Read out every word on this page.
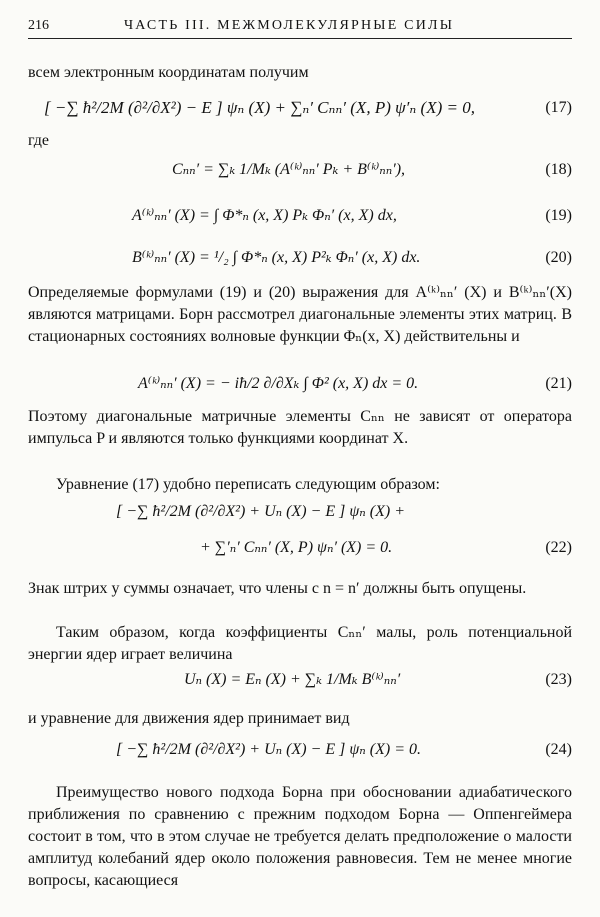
216	ЧАСТЬ III. МЕЖМОЛЕКУЛЯРНЫЕ СИЛЫ

всем электронным координатам получим

[ −∑ ħ²/2M (∂²/∂X²) − E ] ψₙ (X) + ∑ₙ′ Cₙₙ′ (X, P) ψ′ₙ (X) = 0,	(17)

где

Cₙₙ′ = ∑ₖ 1/Mₖ (A⁽ᵏ⁾ₙₙ′ Pₖ + B⁽ᵏ⁾ₙₙ′),	(18)
A⁽ᵏ⁾ₙₙ′ (X) = ∫ Φ*ₙ (x, X) Pₖ Φₙ′ (x, X) dx,	(19)
B⁽ᵏ⁾ₙₙ′ (X) = ¹/₂ ∫ Φ*ₙ (x, X) P²ₖ Φₙ′ (x, X) dx.	(20)

Определяемые формулами (19) и (20) выражения для A⁽ᵏ⁾ₙₙ′ (X) и B⁽ᵏ⁾ₙₙ′(X) являются матрицами. Борн рассмотрел диагональные элементы этих матриц. В стационарных состояниях волновые функции Φₙ(x, X) действительны и

A⁽ᵏ⁾ₙₙ′ (X) = − iħ/2 ∂/∂Xₖ ∫ Φ² (x, X) dx = 0.	(21)

Поэтому диагональные матричные элементы Cₙₙ не зависят от оператора импульса P и являются только функциями координат X.

Уравнение (17) удобно переписать следующим образом:

[ −∑ ħ²/2M (∂²/∂X²) + Uₙ (X) − E ] ψₙ (X) +
+ ∑′ₙ′ Cₙₙ′ (X, P) ψₙ′ (X) = 0.	(22)

Знак штрих у суммы означает, что члены с n = n′ должны быть опущены.

Таким образом, когда коэффициенты Cₙₙ′ малы, роль потенциальной энергии ядер играет величина

Uₙ (X) = Eₙ (X) + ∑ₖ 1/Mₖ B⁽ᵏ⁾ₙₙ′	(23)

и уравнение для движения ядер принимает вид

[ −∑ ħ²/2M (∂²/∂X²) + Uₙ (X) − E ] ψₙ (X) = 0.	(24)

Преимущество нового подхода Борна при обосновании адиабатического приближения по сравнению с прежним подходом Борна — Оппенгеймера состоит в том, что в этом случае не требуется делать предположение о малости амплитуд колебаний ядер около положения равновесия. Тем не менее многие вопросы, касающиеся
